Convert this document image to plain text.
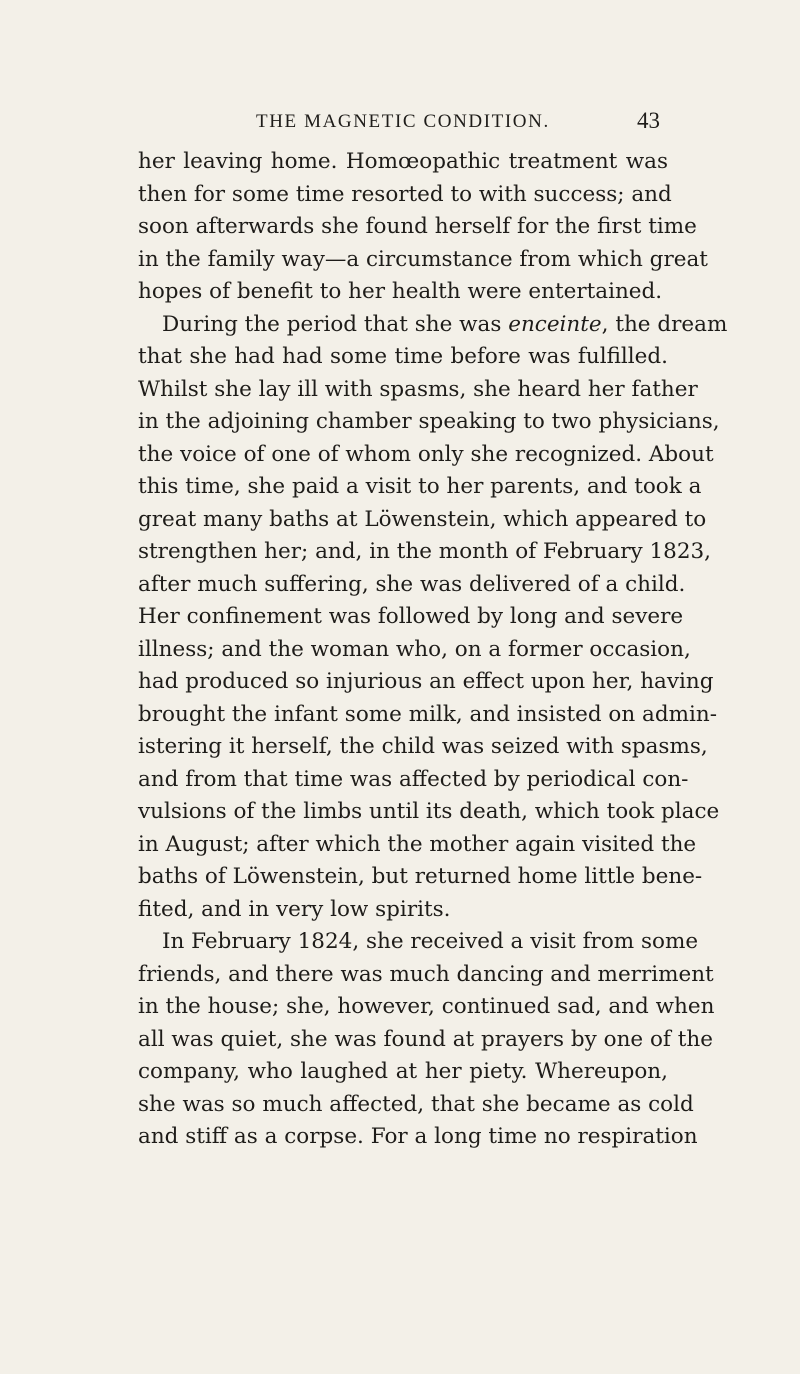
THE MAGNETIC CONDITION.	43
her leaving home. Homœopathic treatment was
then for some time resorted to with success; and
soon afterwards she found herself for the first time
in the family way—a circumstance from which great
hopes of benefit to her health were entertained.
During the period that she was enceinte, the dream
that she had had some time before was fulfilled.
Whilst she lay ill with spasms, she heard her father
in the adjoining chamber speaking to two physicians,
the voice of one of whom only she recognized. About
this time, she paid a visit to her parents, and took a
great many baths at Löwenstein, which appeared to
strengthen her; and, in the month of February 1823,
after much suffering, she was delivered of a child.
Her confinement was followed by long and severe
illness; and the woman who, on a former occasion,
had produced so injurious an effect upon her, having
brought the infant some milk, and insisted on admin-
istering it herself, the child was seized with spasms,
and from that time was affected by periodical con-
vulsions of the limbs until its death, which took place
in August; after which the mother again visited the
baths of Löwenstein, but returned home little bene-
fited, and in very low spirits.
In February 1824, she received a visit from some
friends, and there was much dancing and merriment
in the house; she, however, continued sad, and when
all was quiet, she was found at prayers by one of the
company, who laughed at her piety. Whereupon,
she was so much affected, that she became as cold
and stiff as a corpse. For a long time no respiration
